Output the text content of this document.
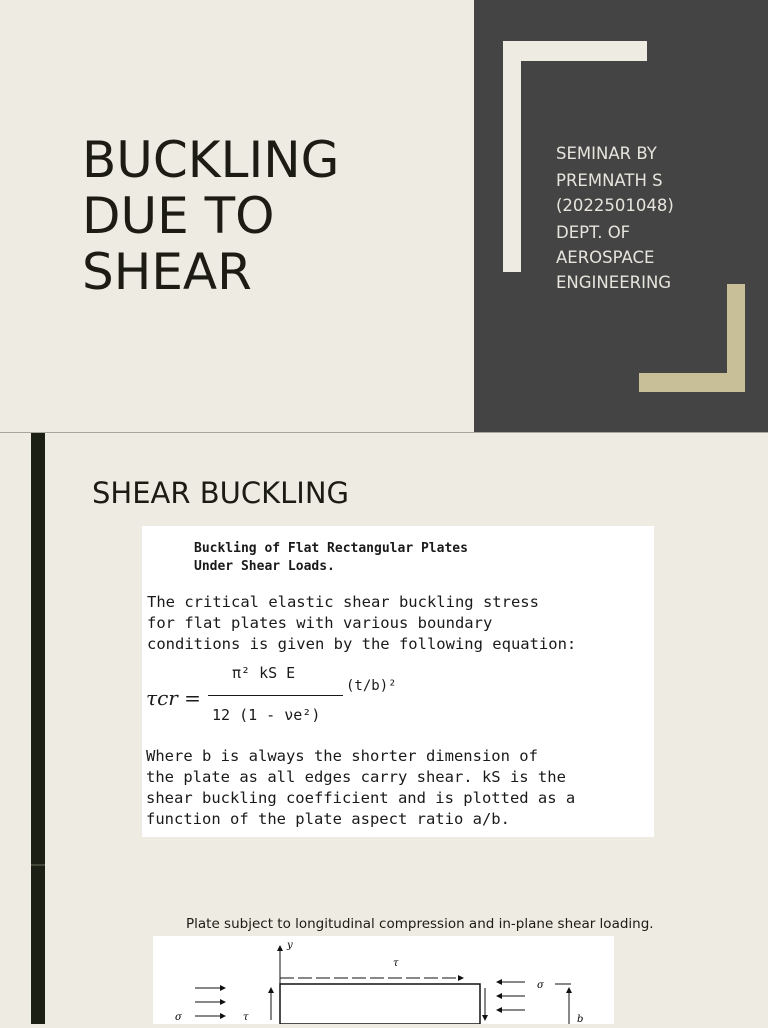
BUCKLING
DUE TO
SHEAR
SEMINAR BY
PREMNATH S
(2022501048)
DEPT. OF
AEROSPACE
ENGINEERING
SHEAR BUCKLING
Buckling of Flat Rectangular Plates
Under Shear Loads.
The critical elastic shear buckling stress
for flat plates with various boundary
conditions is given by the following equation:
τcr =
π² kS E
12 (1 - νe²)
(t/b)²
Where b is always the shorter dimension of
the plate as all edges carry shear. kS is the
shear buckling coefficient and is plotted as a
function of the plate aspect ratio a/b.
Plate subject to longitudinal compression and in-plane shear loading.
y
τ
σ	τ
σ
b
